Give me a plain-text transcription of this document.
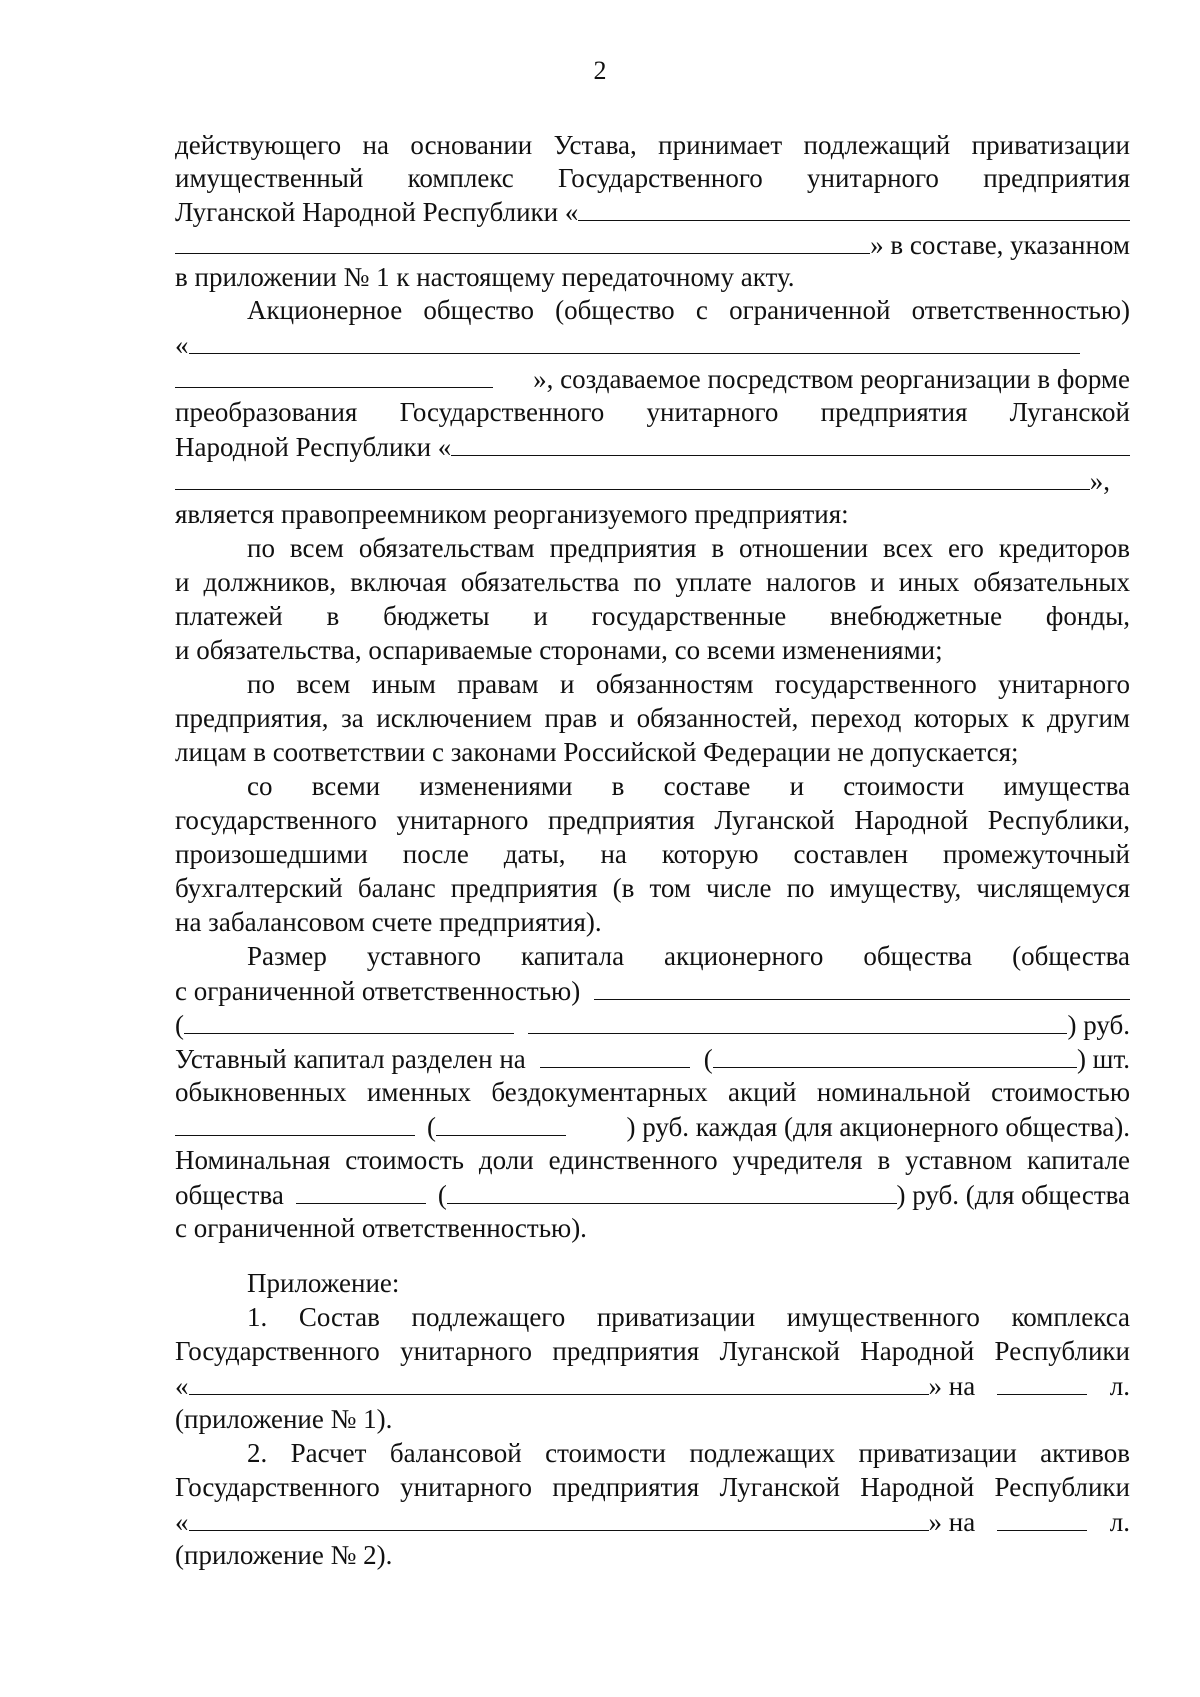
2
действующего на основании Устава, принимает подлежащий приватизации
имущественный комплекс Государственного унитарного предприятия
Луганской Народной Республики «
» в составе, указанном
в приложении № 1 к настоящему передаточному акту.
Акционерное общество (общество с ограниченной ответственностью)
«
», создаваемое посредством реорганизации в форме
преобразования Государственного унитарного предприятия Луганской
Народной Республики «
»,
является правопреемником реорганизуемого предприятия:
по всем обязательствам предприятия в отношении всех его кредиторов
и должников, включая обязательства по уплате налогов и иных обязательных
платежей в бюджеты и государственные внебюджетные фонды,
и обязательства, оспариваемые сторонами, со всеми изменениями;
по всем иным правам и обязанностям государственного унитарного
предприятия, за исключением прав и обязанностей, переход которых к другим
лицам в соответствии с законами Российской Федерации не допускается;
со всеми изменениями в составе и стоимости имущества
государственного унитарного предприятия Луганской Народной Республики,
произошедшими после даты, на которую составлен промежуточный
бухгалтерский баланс предприятия (в том числе по имуществу, числящемуся
на забалансовом счете предприятия).
Размер уставного капитала акционерного общества (общества
с ограниченной ответственностью)
(	) руб.
Уставный капитал разделен на	(	) шт.
обыкновенных именных бездокументарных акций номинальной стоимостью
(	) руб. каждая (для акционерного общества).
Номинальная стоимость доли единственного учредителя в уставном капитале
общества	(	) руб. (для общества
с ограниченной ответственностью).
Приложение:
1. Состав подлежащего приватизации имущественного комплекса
Государственного унитарного предприятия Луганской Народной Республики
«	» на	л.
(приложение № 1).
2. Расчет балансовой стоимости подлежащих приватизации активов
Государственного унитарного предприятия Луганской Народной Республики
«	» на	л.
(приложение № 2).
